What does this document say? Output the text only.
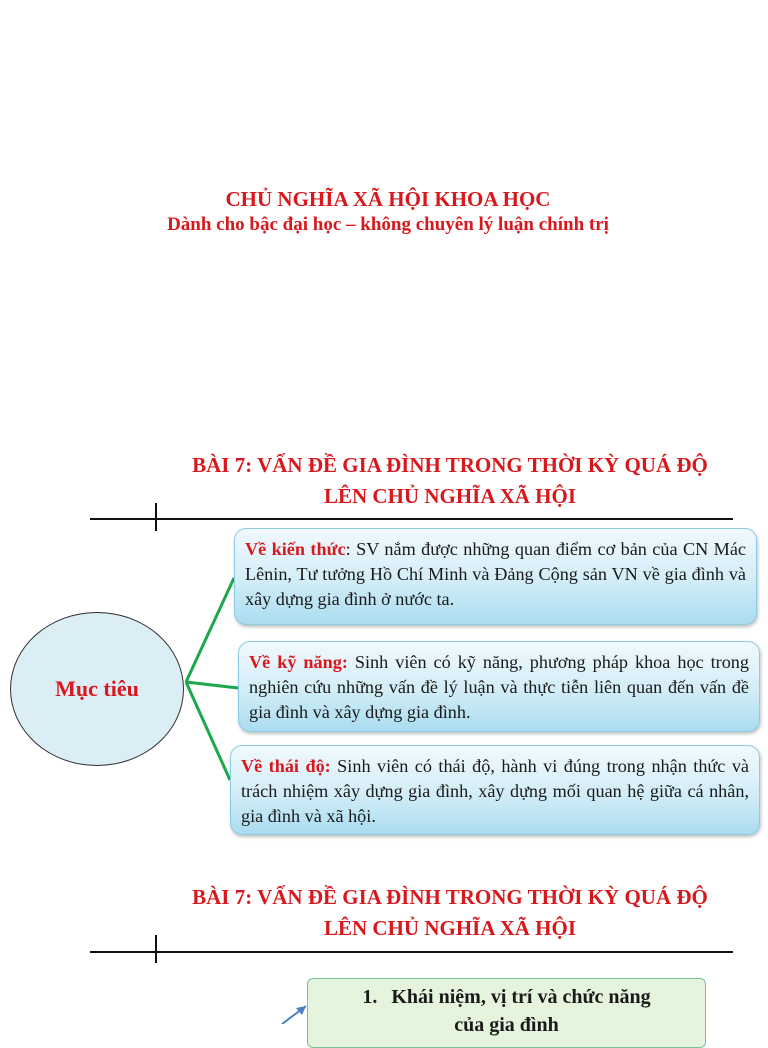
CHỦ NGHĨA XÃ HỘI KHOA HỌC
Dành cho bậc đại học – không chuyên lý luận chính trị
BÀI 7: VẤN ĐỀ GIA ĐÌNH TRONG THỜI KỲ QUÁ ĐỘ
LÊN CHỦ NGHĨA XÃ HỘI
Mục tiêu
Về kiến thức: SV nắm được những quan điểm cơ bản của CN Mác Lênin, Tư tưởng Hồ Chí Minh và Đảng Cộng sản VN về gia đình và xây dựng gia đình ở nước ta.
Về kỹ năng: Sinh viên có kỹ năng, phương pháp khoa học trong nghiên cứu những vấn đề lý luận và thực tiễn liên quan đến vấn đề gia đình và xây dựng gia đình.
Về thái độ: Sinh viên có thái độ, hành vi đúng trong nhận thức và trách nhiệm xây dựng gia đình, xây dựng mối quan hệ giữa cá nhân, gia đình và xã hội.
BÀI 7: VẤN ĐỀ GIA ĐÌNH TRONG THỜI KỲ QUÁ ĐỘ
LÊN CHỦ NGHĨA XÃ HỘI
1. Khái niệm, vị trí và chức năng
của gia đình
